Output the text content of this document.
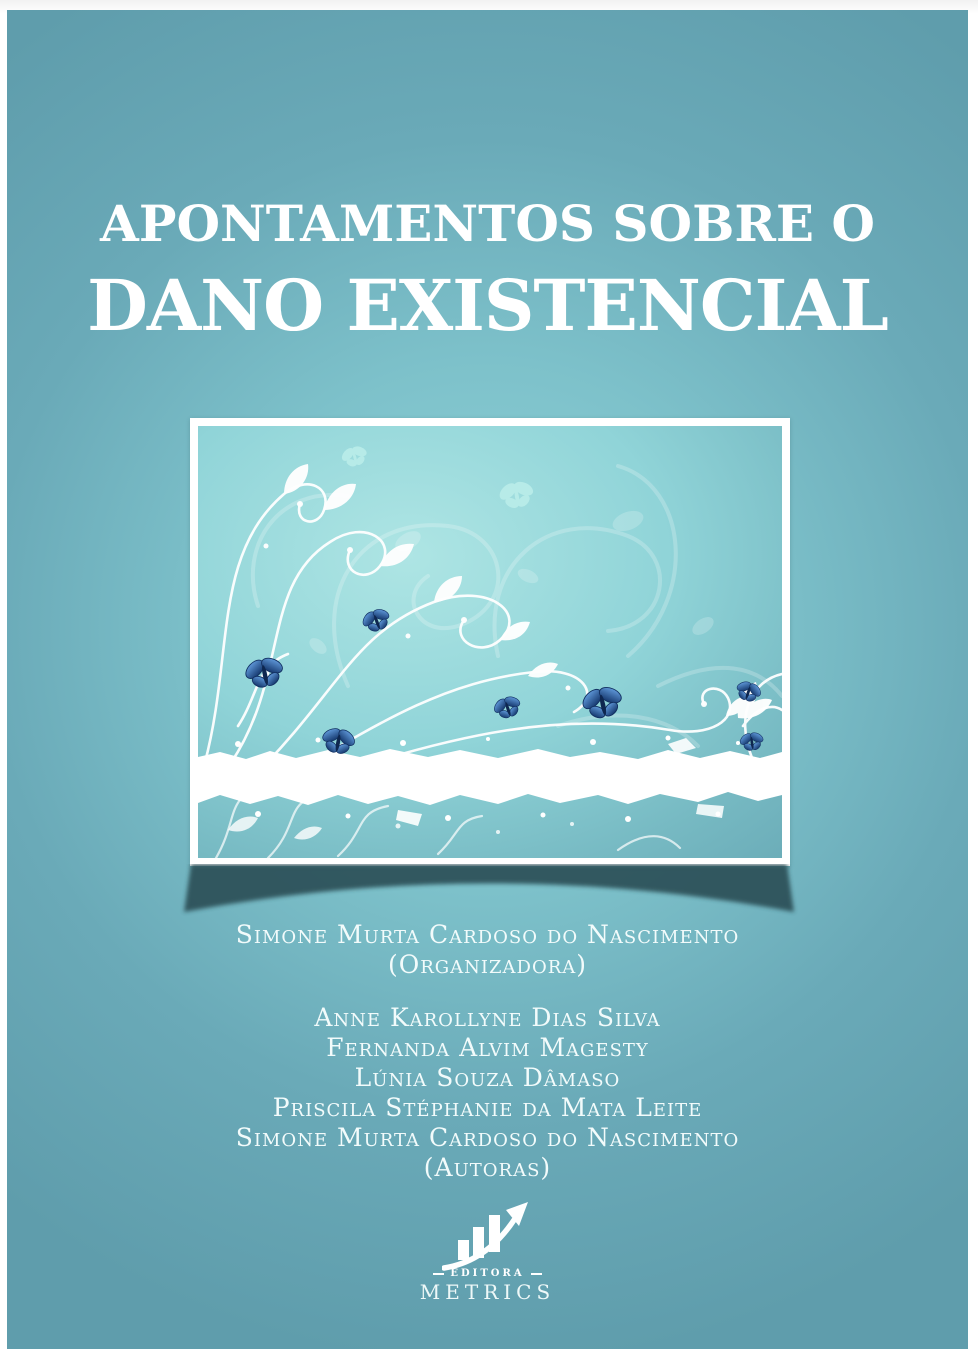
APONTAMENTOS SOBRE O
DANO EXISTENCIAL
Simone Murta Cardoso do Nascimento
(Organizadora)
Anne Karollyne Dias Silva
Fernanda Alvim Magesty
Lúnia Souza Dâmaso
Priscila Stéphanie da Mata Leite
Simone Murta Cardoso do Nascimento
(Autoras)
EDITORA
METRICS
